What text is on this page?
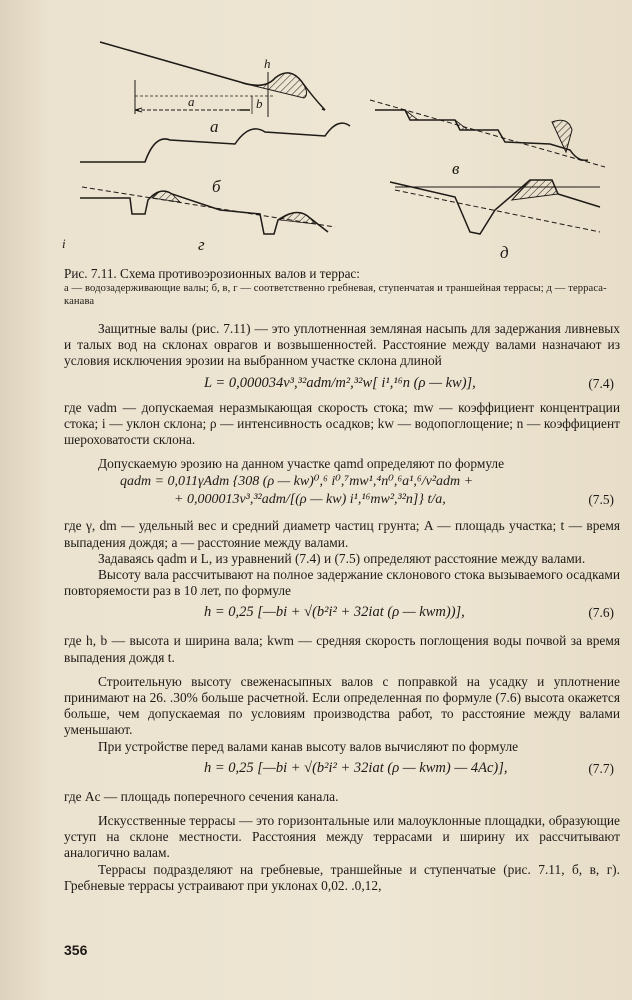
h
a	b
а
б
в
г
і	д
Рис. 7.11. Схема противоэрозионных валов и террас:
а — водозадерживающие валы; б, в, г — соответственно гребневая, ступенчатая и траншейная террасы; д — терраса-канава

Защитные валы (рис. 7.11) — это уплотненная земляная насыпь для задержания ливневых и талых вод на склонах оврагов и возвышенностей. Расстояние между валами назначают из условия исключения эрозии на выбранном участке склона длиной

L = 0,000034v³,³²adm/m²,³²w[ i¹,¹⁶n (ρ — kw)],	(7.4)

где vadm — допускаемая неразмыкающая скорость стока; mw — коэффициент концентрации стока; i — уклон склона; ρ — интенсивность осадков; kw — водопоглощение; n — коэффициент шероховатости склона.

Допускаемую эрозию на данном участке qamd определяют по формуле

qadm = 0,011γAdm {308 (ρ — kw)⁰,⁶ i⁰,⁷mw¹,⁴n⁰,⁶a¹,⁶/v²adm +
+ 0,000013v³,³²adm/[(ρ — kw) i¹,¹⁶mw²,³²n]} t/a,	(7.5)

где γ, dm — удельный вес и средний диаметр частиц грунта; A — площадь участка; t — время выпадения дождя; a — расстояние между валами.

Задаваясь qadm и L, из уравнений (7.4) и (7.5) определяют расстояние между валами.

Высоту вала рассчитывают на полное задержание склонового стока вызываемого осадками повторяемости раз в 10 лет, по формуле

h = 0,25 [—bi + √(b²i² + 32iat (ρ — kwm))],	(7.6)

где h, b — высота и ширина вала; kwm — средняя скорость поглощения воды почвой за время выпадения дождя t.

Строительную высоту свеженасыпных валов с поправкой на усадку и уплотнение принимают на 26. .30% больше расчетной. Если определенная по формуле (7.6) высота окажется больше, чем допускаемая по условиям производства работ, то расстояние между валами уменьшают.

При устройстве перед валами канав высоту валов вычисляют по формуле

h = 0,25 [—bi + √(b²i² + 32iat (ρ — kwm) — 4Ac)],	(7.7)

где Ac — площадь поперечного сечения канала.

Искусственные террасы — это горизонтальные или малоуклонные площадки, образующие уступ на склоне местности. Расстояния между террасами и ширину их рассчитывают аналогично валам.

Террасы подразделяют на гребневые, траншейные и ступенчатые (рис. 7.11, б, в, г). Гребневые террасы устраивают при уклонах 0,02. .0,12,

356
